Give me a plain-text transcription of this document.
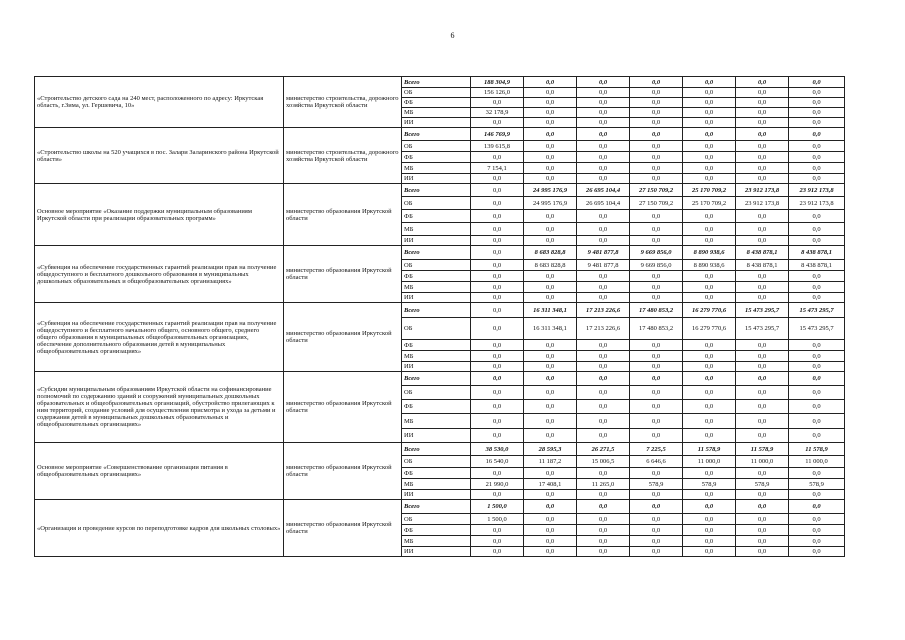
6
«Строительство детского сада на 240 мест, расположенного по адресу: Иркутская область, г.Зима, ул. Гершевича, 10»	министерство строительства, дорожного хозяйства Иркутской области	Всего	188 304,9	0,0	0,0	0,0	0,0	0,0	0,0
		ОБ	156 126,0	0,0	0,0	0,0	0,0	0,0	0,0
		ФБ	0,0	0,0	0,0	0,0	0,0	0,0	0,0
		МБ	32 178,9	0,0	0,0	0,0	0,0	0,0	0,0
		ИИ	0,0	0,0	0,0	0,0	0,0	0,0	0,0
«Строительство школы на 520 учащихся в пос. Залари Заларинского района Иркутской области»	министерство строительства, дорожного хозяйства Иркутской области	Всего	146 769,9	0,0	0,0	0,0	0,0	0,0	0,0
		ОБ	139 615,8	0,0	0,0	0,0	0,0	0,0	0,0
		ФБ	0,0	0,0	0,0	0,0	0,0	0,0	0,0
		МБ	7 154,1	0,0	0,0	0,0	0,0	0,0	0,0
		ИИ	0,0	0,0	0,0	0,0	0,0	0,0	0,0
Основное мероприятие «Оказание поддержки муниципальным образованиям Иркутской области при реализации образовательных программ»	министерство образования Иркутской области	Всего	0,0	24 995 176,9	26 695 104,4	27 150 709,2	25 170 709,2	23 912 173,8	23 912 173,8
		ОБ	0,0	24 995 176,9	26 695 104,4	27 150 709,2	25 170 709,2	23 912 173,8	23 912 173,8
		ФБ	0,0	0,0	0,0	0,0	0,0	0,0	0,0
		МБ	0,0	0,0	0,0	0,0	0,0	0,0	0,0
		ИИ	0,0	0,0	0,0	0,0	0,0	0,0	0,0
«Субвенция на обеспечение государственных гарантий реализации прав на получение общедоступного и бесплатного дошкольного образования в муниципальных дошкольных образовательных и общеобразовательных организациях»	министерство образования Иркутской области	Всего	0,0	8 683 828,8	9 481 877,8	9 669 856,0	8 890 938,6	8 438 878,1	8 438 878,1
		ОБ	0,0	8 683 828,8	9 481 877,8	9 669 856,0	8 890 938,6	8 438 878,1	8 438 878,1
		ФБ	0,0	0,0	0,0	0,0	0,0	0,0	0,0
		МБ	0,0	0,0	0,0	0,0	0,0	0,0	0,0
		ИИ	0,0	0,0	0,0	0,0	0,0	0,0	0,0
«Субвенция на обеспечение государственных гарантий реализации прав на получение общедоступного и бесплатного начального общего, основного общего, среднего общего образования в муниципальных общеобразовательных организациях, обеспечение дополнительного образования детей в муниципальных общеобразовательных организациях»	министерство образования Иркутской области	Всего	0,0	16 311 348,1	17 213 226,6	17 480 853,2	16 279 770,6	15 473 295,7	15 473 295,7
		ОБ	0,0	16 311 348,1	17 213 226,6	17 480 853,2	16 279 770,6	15 473 295,7	15 473 295,7
		ФБ	0,0	0,0	0,0	0,0	0,0	0,0	0,0
		МБ	0,0	0,0	0,0	0,0	0,0	0,0	0,0
		ИИ	0,0	0,0	0,0	0,0	0,0	0,0	0,0
«Субсидии муниципальным образованиям Иркутской области на софинансирование полномочий по содержанию зданий и сооружений муниципальных дошкольных образовательных и общеобразовательных организаций, обустройство прилегающих к ним территорий, создание условий для осуществления присмотра и ухода за детьми и содержания детей в муниципальных дошкольных образовательных и общеобразовательных организациях»	министерство образования Иркутской области	Всего	0,0	0,0	0,0	0,0	0,0	0,0	0,0
		ОБ	0,0	0,0	0,0	0,0	0,0	0,0	0,0
		ФБ	0,0	0,0	0,0	0,0	0,0	0,0	0,0
		МБ	0,0	0,0	0,0	0,0	0,0	0,0	0,0
		ИИ	0,0	0,0	0,0	0,0	0,0	0,0	0,0
Основное мероприятие «Совершенствование организации питания в общеобразовательных организациях»	министерство образования Иркутской области	Всего	38 530,0	28 595,3	26 271,5	7 225,5	11 578,9	11 578,9	11 578,9
		ОБ	16 540,0	11 187,2	15 006,5	6 646,6	11 000,0	11 000,0	11 000,0
		ФБ	0,0	0,0	0,0	0,0	0,0	0,0	0,0
		МБ	21 990,0	17 408,1	11 265,0	578,9	578,9	578,9	578,9
		ИИ	0,0	0,0	0,0	0,0	0,0	0,0	0,0
«Организация и проведение курсов по переподготовке кадров для школьных столовых»	министерство образования Иркутской области	Всего	1 500,0	0,0	0,0	0,0	0,0	0,0	0,0
		ОБ	1 500,0	0,0	0,0	0,0	0,0	0,0	0,0
		ФБ	0,0	0,0	0,0	0,0	0,0	0,0	0,0
		МБ	0,0	0,0	0,0	0,0	0,0	0,0	0,0
		ИИ	0,0	0,0	0,0	0,0	0,0	0,0	0,0
